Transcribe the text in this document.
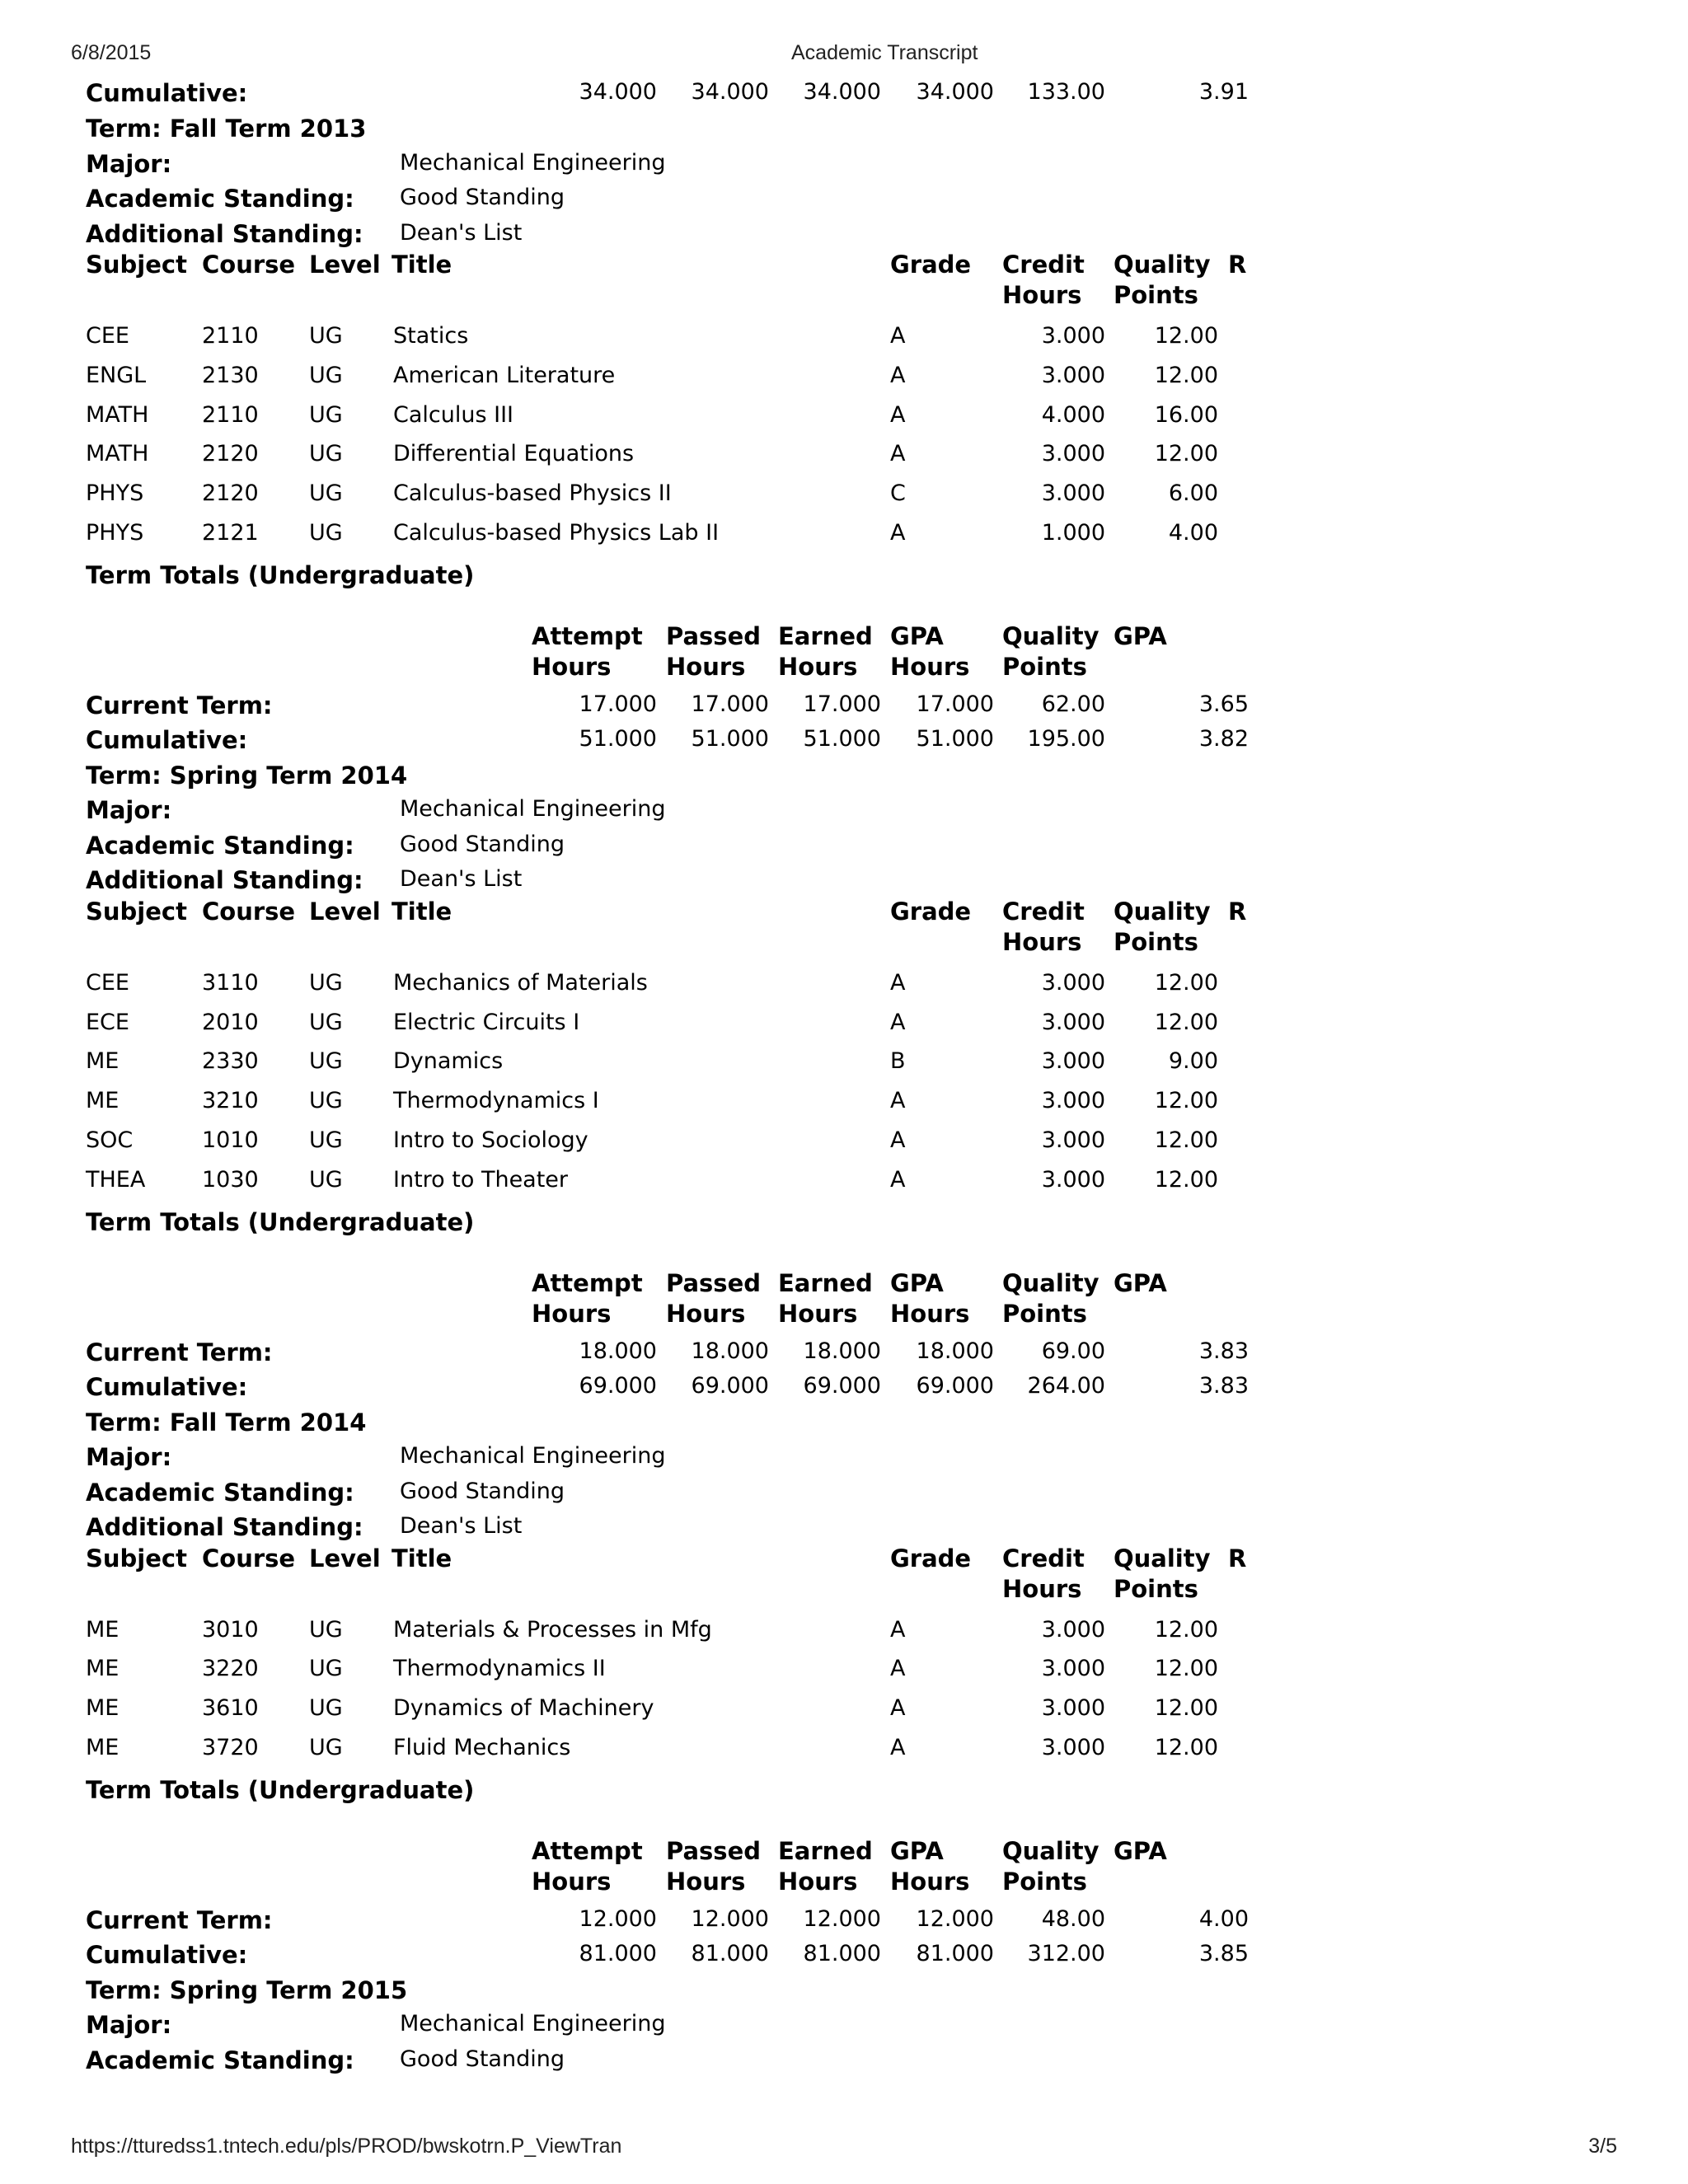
6/8/2015	Academic Transcript
Cumulative:	34.000 34.000 34.000 34.000 133.00	3.91
Term: Fall Term 2013
Major:	Mechanical Engineering
Academic Standing: Good Standing
Additional Standing: Dean's List
Subject Course Level Title	Grade Credit Quality R
Hours Points
CEE	2110 UG Statics	A	3.000 12.00
ENGL	2130 UG American Literature	A	3.000 12.00
MATH 2110 UG Calculus III	A	4.000 16.00
MATH 2120 UG Differential Equations	A	3.000 12.00
PHYS	2120 UG Calculus-based Physics II	C	3.000	6.00
PHYS	2121 UG Calculus-based Physics Lab II	A	1.000	4.00
Term Totals (Undergraduate)
Attempt Passed Earned GPA Quality GPA
Hours Hours Hours Hours Points
Current Term:	17.000 17.000 17.000 17.000 62.00	3.65
Cumulative:	51.000 51.000 51.000 51.000 195.00	3.82
Term: Spring Term 2014
Major:	Mechanical Engineering
Academic Standing: Good Standing
Additional Standing: Dean's List
Subject Course Level Title	Grade Credit Quality R
Hours Points
CEE	3110 UG Mechanics of Materials	A	3.000 12.00
ECE	2010 UG Electric Circuits I	A	3.000 12.00
ME	2330 UG Dynamics	B	3.000	9.00
ME	3210 UG Thermodynamics I	A	3.000 12.00
SOC	1010 UG Intro to Sociology	A	3.000 12.00
THEA	1030 UG Intro to Theater	A	3.000 12.00
Term Totals (Undergraduate)
Attempt Passed Earned GPA Quality GPA
Hours Hours Hours Hours Points
Current Term:	18.000 18.000 18.000 18.000 69.00	3.83
Cumulative:	69.000 69.000 69.000 69.000 264.00	3.83
Term: Fall Term 2014
Major:	Mechanical Engineering
Academic Standing: Good Standing
Additional Standing: Dean's List
Subject Course Level Title	Grade Credit Quality R
Hours Points
ME	3010 UG Materials & Processes in Mfg	A	3.000 12.00
ME	3220 UG Thermodynamics II	A	3.000 12.00
ME	3610 UG Dynamics of Machinery	A	3.000 12.00
ME	3720 UG Fluid Mechanics	A	3.000 12.00
Term Totals (Undergraduate)
Attempt Passed Earned GPA Quality GPA
Hours Hours Hours Hours Points
Current Term:	12.000 12.000 12.000 12.000 48.00	4.00
Cumulative:	81.000 81.000 81.000 81.000 312.00	3.85
Term: Spring Term 2015
Major:	Mechanical Engineering
Academic Standing: Good Standing
https://tturedss1.tntech.edu/pls/PROD/bwskotrn.P_ViewTran	3/5
